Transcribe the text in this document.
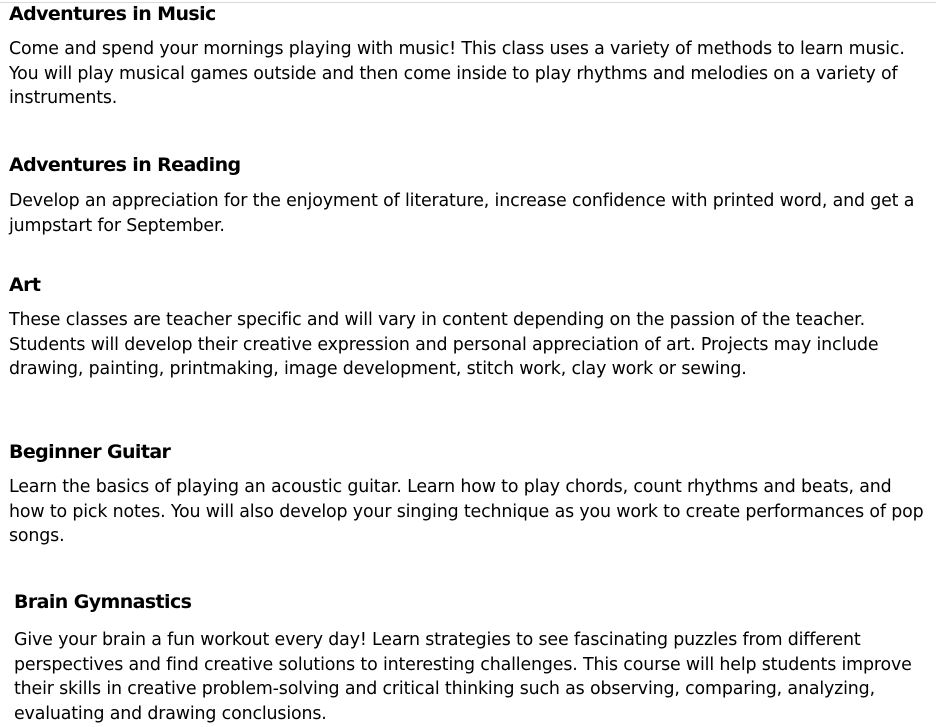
Adventures in Music

Come and spend your mornings playing with music! This class uses a variety of methods to learn music. You will play musical games outside and then come inside to play rhythms and melodies on a variety of instruments.

Adventures in Reading

Develop an appreciation for the enjoyment of literature, increase confidence with printed word, and get a jumpstart for September.

Art

These classes are teacher specific and will vary in content depending on the passion of the teacher. Students will develop their creative expression and personal appreciation of art. Projects may include drawing, painting, printmaking, image development, stitch work, clay work or sewing.

Beginner Guitar

Learn the basics of playing an acoustic guitar. Learn how to play chords, count rhythms and beats, and how to pick notes. You will also develop your singing technique as you work to create performances of pop songs.

Brain Gymnastics

Give your brain a fun workout every day! Learn strategies to see fascinating puzzles from different perspectives and find creative solutions to interesting challenges. This course will help students improve their skills in creative problem-solving and critical thinking such as observing, comparing, analyzing, evaluating and drawing conclusions.
